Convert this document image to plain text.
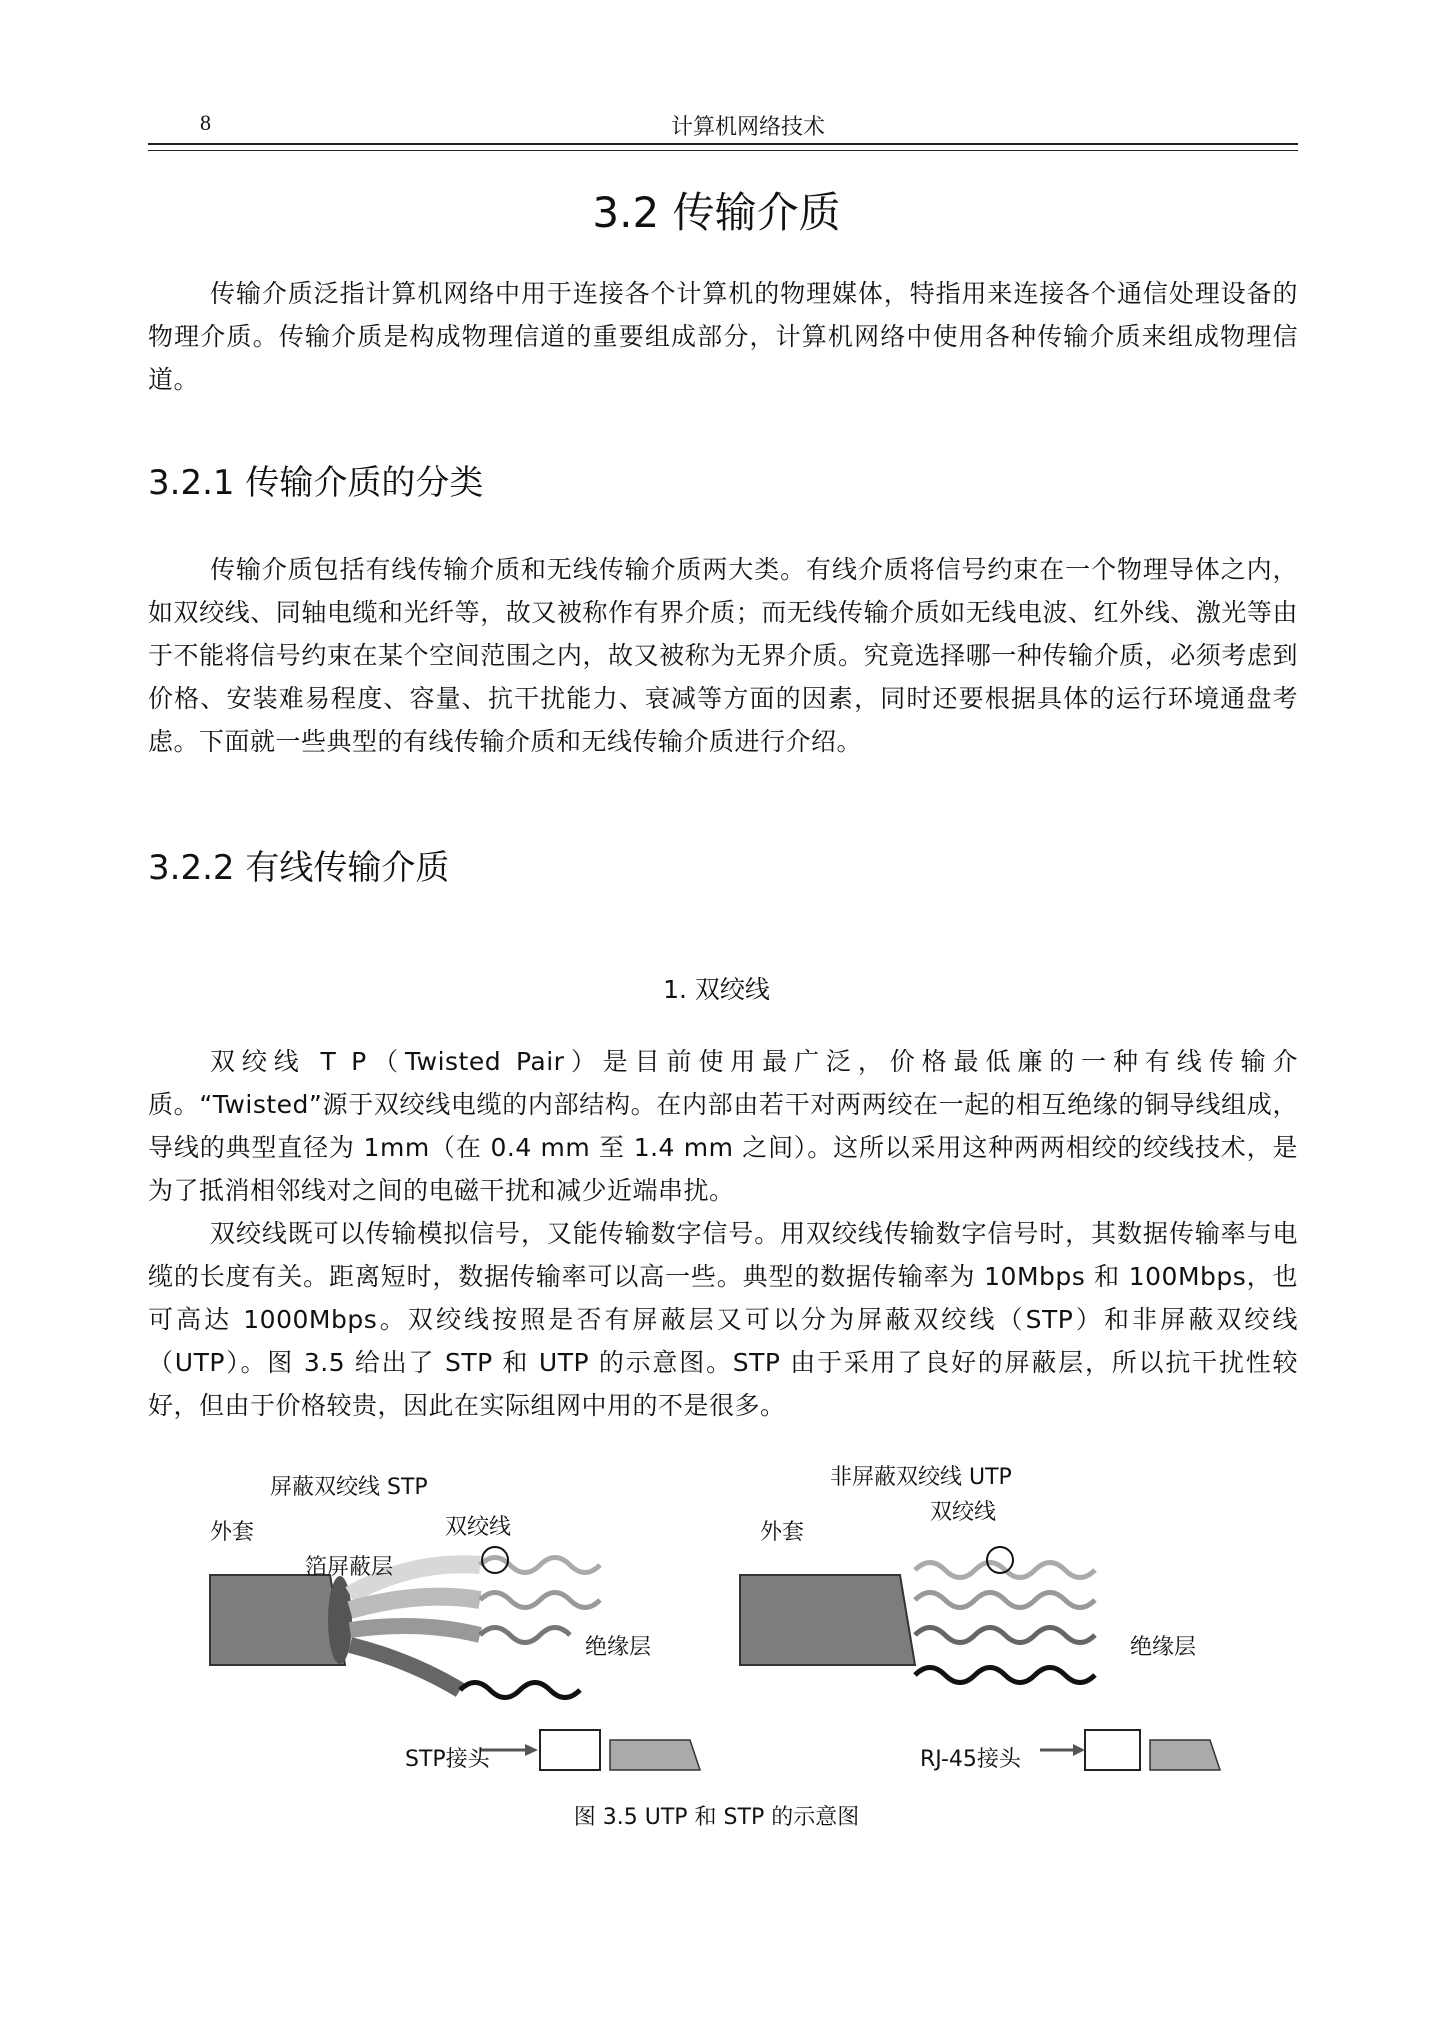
8	计算机网络技术
3.2 传输介质

传输介质泛指计算机网络中用于连接各个计算机的物理媒体，特指用来连接各个通信处理设备的物理介质。传输介质是构成物理信道的重要组成部分，计算机网络中使用各种传输介质来组成物理信道。

3.2.1 传输介质的分类

传输介质包括有线传输介质和无线传输介质两大类。有线介质将信号约束在一个物理导体之内，如双绞线、同轴电缆和光纤等，故又被称作有界介质；而无线传输介质如无线电波、红外线、激光等由于不能将信号约束在某个空间范围之内，故又被称为无界介质。究竟选择哪一种传输介质，必须考虑到价格、安装难易程度、容量、抗干扰能力、衰减等方面的因素，同时还要根据具体的运行环境通盘考虑。下面就一些典型的有线传输介质和无线传输介质进行介绍。

3.2.2 有线传输介质
1. 双绞线

双绞线 T P（Twisted Pair）是目前使用最广泛，价格最低廉的一种有线传输介质。“Twisted”源于双绞线电缆的内部结构。在内部由若干对两两绞在一起的相互绝缘的铜导线组成，导线的典型直径为 1mm（在 0.4 mm 至 1.4 mm 之间）。这所以采用这种两两相绞的绞线技术，是为了抵消相邻线对之间的电磁干扰和减少近端串扰。

双绞线既可以传输模拟信号，又能传输数字信号。用双绞线传输数字信号时，其数据传输率与电缆的长度有关。距离短时，数据传输率可以高一些。典型的数据传输率为 10Mbps 和 100Mbps，也可高达 1000Mbps。双绞线按照是否有屏蔽层又可以分为屏蔽双绞线（STP）和非屏蔽双绞线（UTP）。图 3.5 给出了 STP 和 UTP 的示意图。STP 由于采用了良好的屏蔽层，所以抗干扰性较好，但由于价格较贵，因此在实际组网中用的不是很多。

屏蔽双绞线 STP
外套
箔屏蔽层
双绞线
绝缘层
STP接头
非屏蔽双绞线 UTP
外套
双绞线
绝缘层
RJ-45接头
图 3.5 UTP 和 STP 的示意图
